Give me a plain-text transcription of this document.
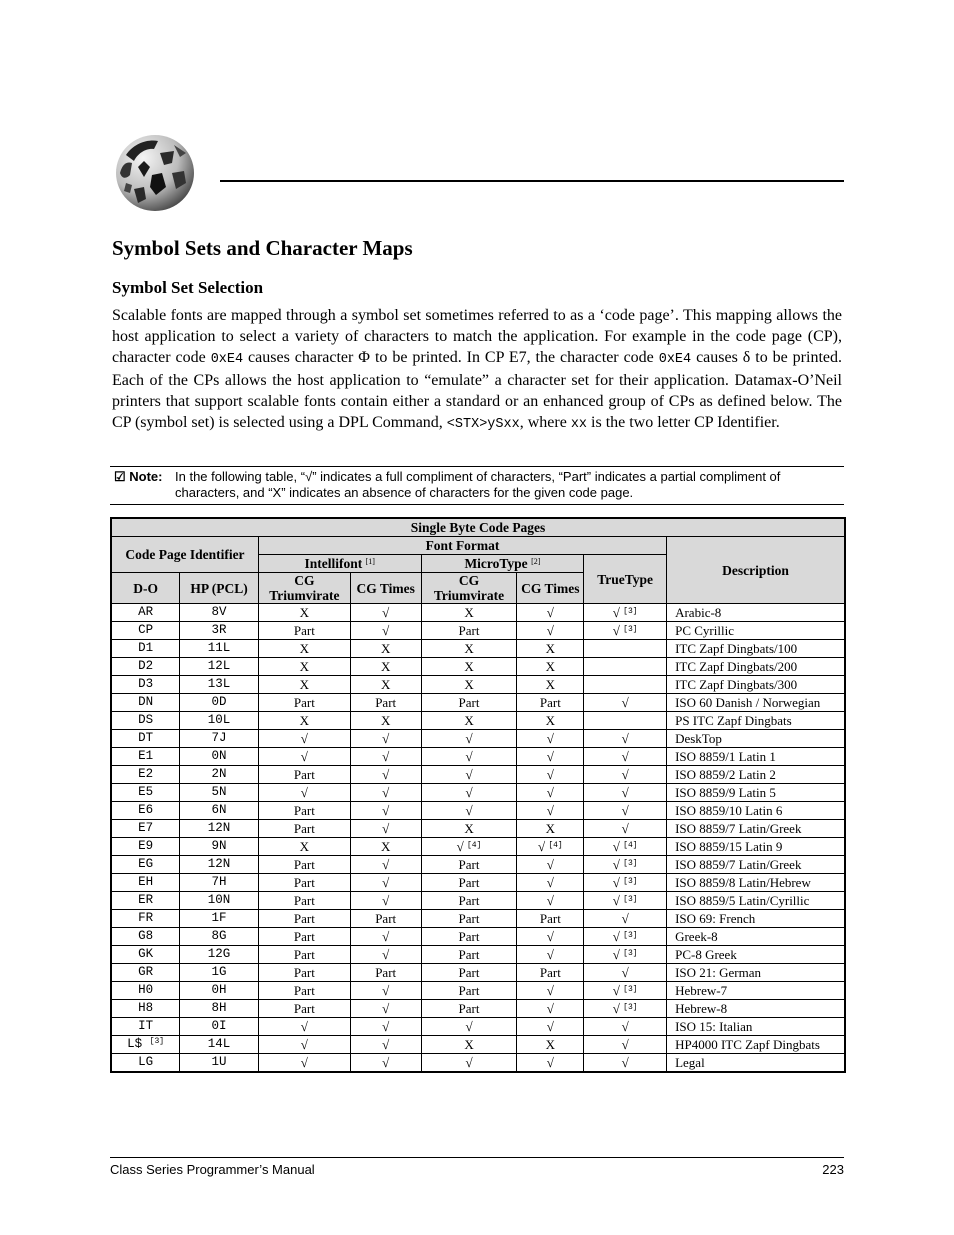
Symbol Sets and Character Maps
Symbol Set Selection

Scalable fonts are mapped through a symbol set sometimes referred to as a ‘code page’. This mapping allows the host application to select a variety of characters to match the application. For example in the code page (CP), character code 0xE4 causes character Φ to be printed. In CP E7, the character code 0xE4 causes δ to be printed. Each of the CPs allows the host application to “emulate” a character set for their application. Datamax-O’Neil printers that support scalable fonts contain either a standard or an enhanced group of CPs as defined below. The CP (symbol set) is selected using a DPL Command, <STX>ySxx, where xx is the two letter CP Identifier.

☑ Note: In the following table, “√” indicates a full compliment of characters, “Part” indicates a partial compliment of characters, and “X” indicates an absence of characters for the given code page.
Single Byte Code Pages							
Code Page Identifier		Font Format					Description
		Intellifont [1]		MicroType [2]		TrueType	
D-O	HP (PCL)	CG Triumvirate	CG Times	CG Triumvirate	CG Times		
AR	8V	X	√	X	√	√ [3]	Arabic-8
CP	3R	Part	√	Part	√	√ [3]	PC Cyrillic
D1	11L	X	X	X	X		ITC Zapf Dingbats/100
D2	12L	X	X	X	X		ITC Zapf Dingbats/200
D3	13L	X	X	X	X		ITC Zapf Dingbats/300
DN	0D	Part	Part	Part	Part	√	ISO 60 Danish / Norwegian
DS	10L	X	X	X	X		PS ITC Zapf Dingbats
DT	7J	√	√	√	√	√	DeskTop
E1	0N	√	√	√	√	√	ISO 8859/1 Latin 1
E2	2N	Part	√	√	√	√	ISO 8859/2 Latin 2
E5	5N	√	√	√	√	√	ISO 8859/9 Latin 5
E6	6N	Part	√	√	√	√	ISO 8859/10 Latin 6
E7	12N	Part	√	X	X	√	ISO 8859/7 Latin/Greek
E9	9N	X	X	√ [4]	√ [4]	√ [4]	ISO 8859/15 Latin 9
EG	12N	Part	√	Part	√	√ [3]	ISO 8859/7 Latin/Greek
EH	7H	Part	√	Part	√	√ [3]	ISO 8859/8 Latin/Hebrew
ER	10N	Part	√	Part	√	√ [3]	ISO 8859/5 Latin/Cyrillic
FR	1F	Part	Part	Part	Part	√	ISO 69: French
G8	8G	Part	√	Part	√	√ [3]	Greek-8
GK	12G	Part	√	Part	√	√ [3]	PC-8 Greek
GR	1G	Part	Part	Part	Part	√	ISO 21: German
H0	0H	Part	√	Part	√	√ [3]	Hebrew-7
H8	8H	Part	√	Part	√	√ [3]	Hebrew-8
IT	0I	√	√	√	√	√	ISO 15: Italian
L$ [3]	14L	√	√	X	X	√	HP4000 ITC Zapf Dingbats
LG	1U	√	√	√	√	√	Legal
Class Series Programmer’s Manual	223
